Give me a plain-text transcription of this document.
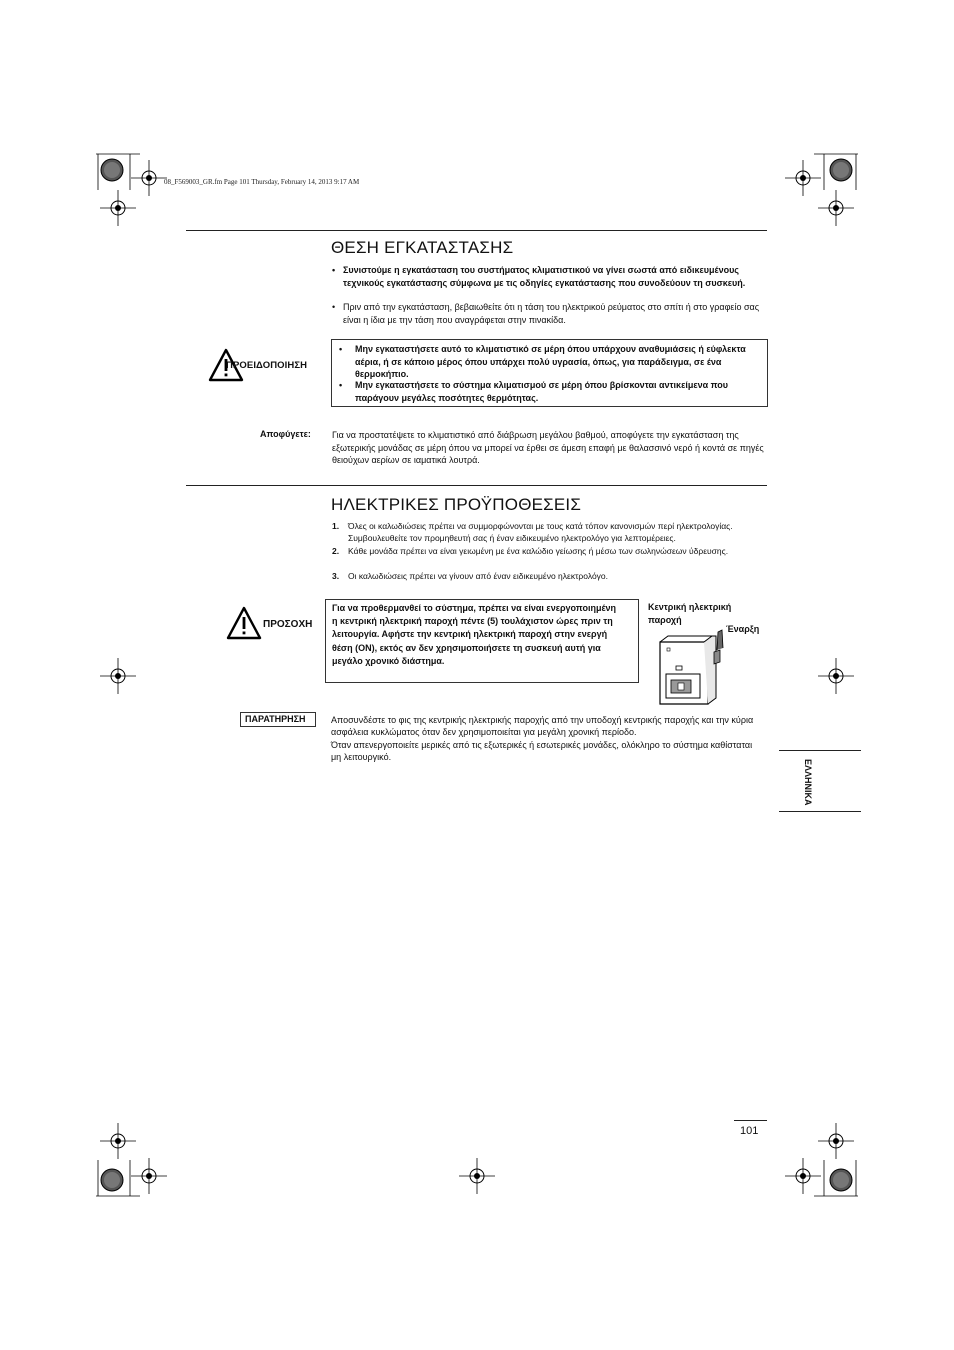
08_F569003_GR.fm Page 101 Thursday, February 14, 2013 9:17 AM
ΘΕΣΗ ΕΓΚΑΤΑΣΤΑΣΗΣ
• Συνιστούμε η εγκατάσταση του συστήματος κλιματιστικού να γίνει σωστά από ειδικευμένους τεχνικούς εγκατάστασης σύμφωνα με τις οδηγίες εγκατάστασης που συνοδεύουν τη συσκευή.
• Πριν από την εγκατάσταση, βεβαιωθείτε ότι η τάση του ηλεκτρικού ρεύματος στο σπίτι ή στο γραφείο σας είναι η ίδια με την τάση που αναγράφεται στην πινακίδα.
ΠΡΟΕΙΔΟΠΟΙΗΣΗ
• Μην εγκαταστήσετε αυτό το κλιματιστικό σε μέρη όπου υπάρχουν αναθυμιάσεις ή εύφλεκτα αέρια, ή σε κάποιο μέρος όπου υπάρχει πολύ υγρασία, όπως, για παράδειγμα, σε ένα θερμοκήπιο.
• Μην εγκαταστήσετε το σύστημα κλιματισμού σε μέρη όπου βρίσκονται αντικείμενα που παράγουν μεγάλες ποσότητες θερμότητας.
Αποφύγετε: Για να προστατέψετε το κλιματιστικό από διάβρωση μεγάλου βαθμού, αποφύγετε την εγκατάσταση της εξωτερικής μονάδας σε μέρη όπου να μπορεί να έρθει σε άμεση επαφή με θαλασσινό νερό ή κοντά σε πηγές θειούχων αερίων σε ιαματικά λουτρά.
ΗΛΕΚΤΡΙΚΕΣ ΠΡΟΫΠΟΘΕΣΕΙΣ
1. Όλες οι καλωδιώσεις πρέπει να συμμορφώνονται με τους κατά τόπον κανονισμών περί ηλεκτρολογίας. Συμβουλευθείτε τον προμηθευτή σας ή έναν ειδικευμένο ηλεκτρολόγο για λεπτομέρειες.
2. Κάθε μονάδα πρέπει να είναι γειωμένη με ένα καλώδιο γείωσης ή μέσω των σωληνώσεων ύδρευσης.
3. Οι καλωδιώσεις πρέπει να γίνουν από έναν ειδικευμένο ηλεκτρολόγο.
ΠΡΟΣΟΧΗ
Για να προθερμανθεί το σύστημα, πρέπει να είναι ενεργοποιημένη η κεντρική ηλεκτρική παροχή πέντε (5) τουλάχιστον ώρες πριν τη λειτουργία. Αφήστε την κεντρική ηλεκτρική παροχή στην ενεργή θέση (ON), εκτός αν δεν χρησιμοποιήσετε τη συσκευή αυτή για μεγάλο χρονικό διάστημα.
Κεντρική ηλεκτρική παροχή
Έναρξη
ΠΑΡΑΤΗΡΗΣΗ	Αποσυνδέστε το φις της κεντρικής ηλεκτρικής παροχής από την υποδοχή κεντρικής παροχής και την κύρια ασφάλεια κυκλώματος όταν δεν χρησιμοποιείται για μεγάλη χρονική περίοδο.
Όταν απενεργοποιείτε μερικές από τις εξωτερικές ή εσωτερικές μονάδες, ολόκληρο το σύστημα καθίσταται μη λειτουργικό.
ΕΛΛΗΝΙΚΑ
101
